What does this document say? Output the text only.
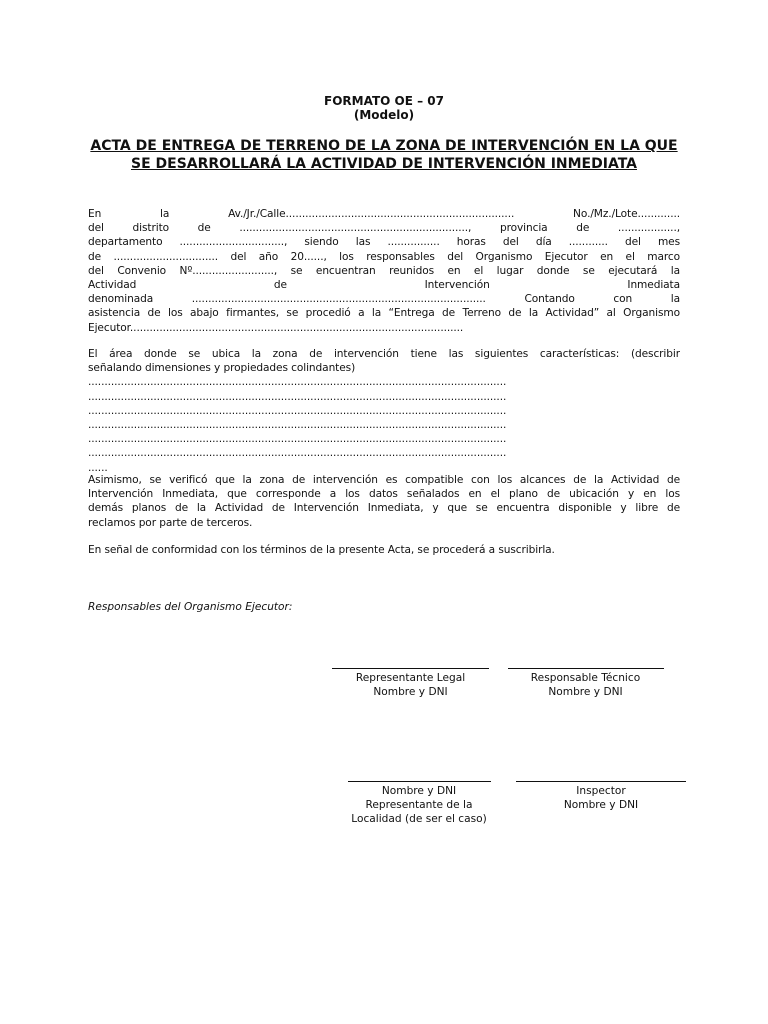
FORMATO OE – 07
(Modelo)
ACTA DE ENTREGA DE TERRENO DE LA ZONA DE INTERVENCIÓN EN LA QUE
SE DESARROLLARÁ LA ACTIVIDAD DE INTERVENCIÓN INMEDIATA
En la Av./Jr./Calle...................................................................... No./Mz./Lote.............
del distrito de ......................................................................, provincia de ..................,
departamento ................................, siendo las ................ horas del día ............ del mes
de ................................ del año 20......, los responsables del Organismo Ejecutor en el marco
del Convenio Nº........................., se encuentran reunidos en el lugar donde se ejecutará la
Actividad de Intervención Inmediata
denominada .......................................................................................... Contando con la
asistencia de los abajo firmantes, se procedió a la “Entrega de Terreno de la Actividad” al Organismo
Ejecutor......................................................................................................
El área donde se ubica la zona de intervención tiene las siguientes características: (describir
señalando dimensiones y propiedades colindantes)
................................................................................................................................
................................................................................................................................
................................................................................................................................
................................................................................................................................
................................................................................................................................
................................................................................................................................
......
Asimismo, se verificó que la zona de intervención es compatible con los alcances de la Actividad de
Intervención Inmediata, que corresponde a los datos señalados en el plano de ubicación y en los
demás planos de la Actividad de Intervención Inmediata, y que se encuentra disponible y libre de
reclamos por parte de terceros.
En señal de conformidad con los términos de la presente Acta, se procederá a suscribirla.
Responsables del Organismo Ejecutor:
Representante Legal
Nombre y DNI
Responsable Técnico
Nombre y DNI
Nombre y DNI
Representante de la
Localidad (de ser el caso)
Inspector
Nombre y DNI
